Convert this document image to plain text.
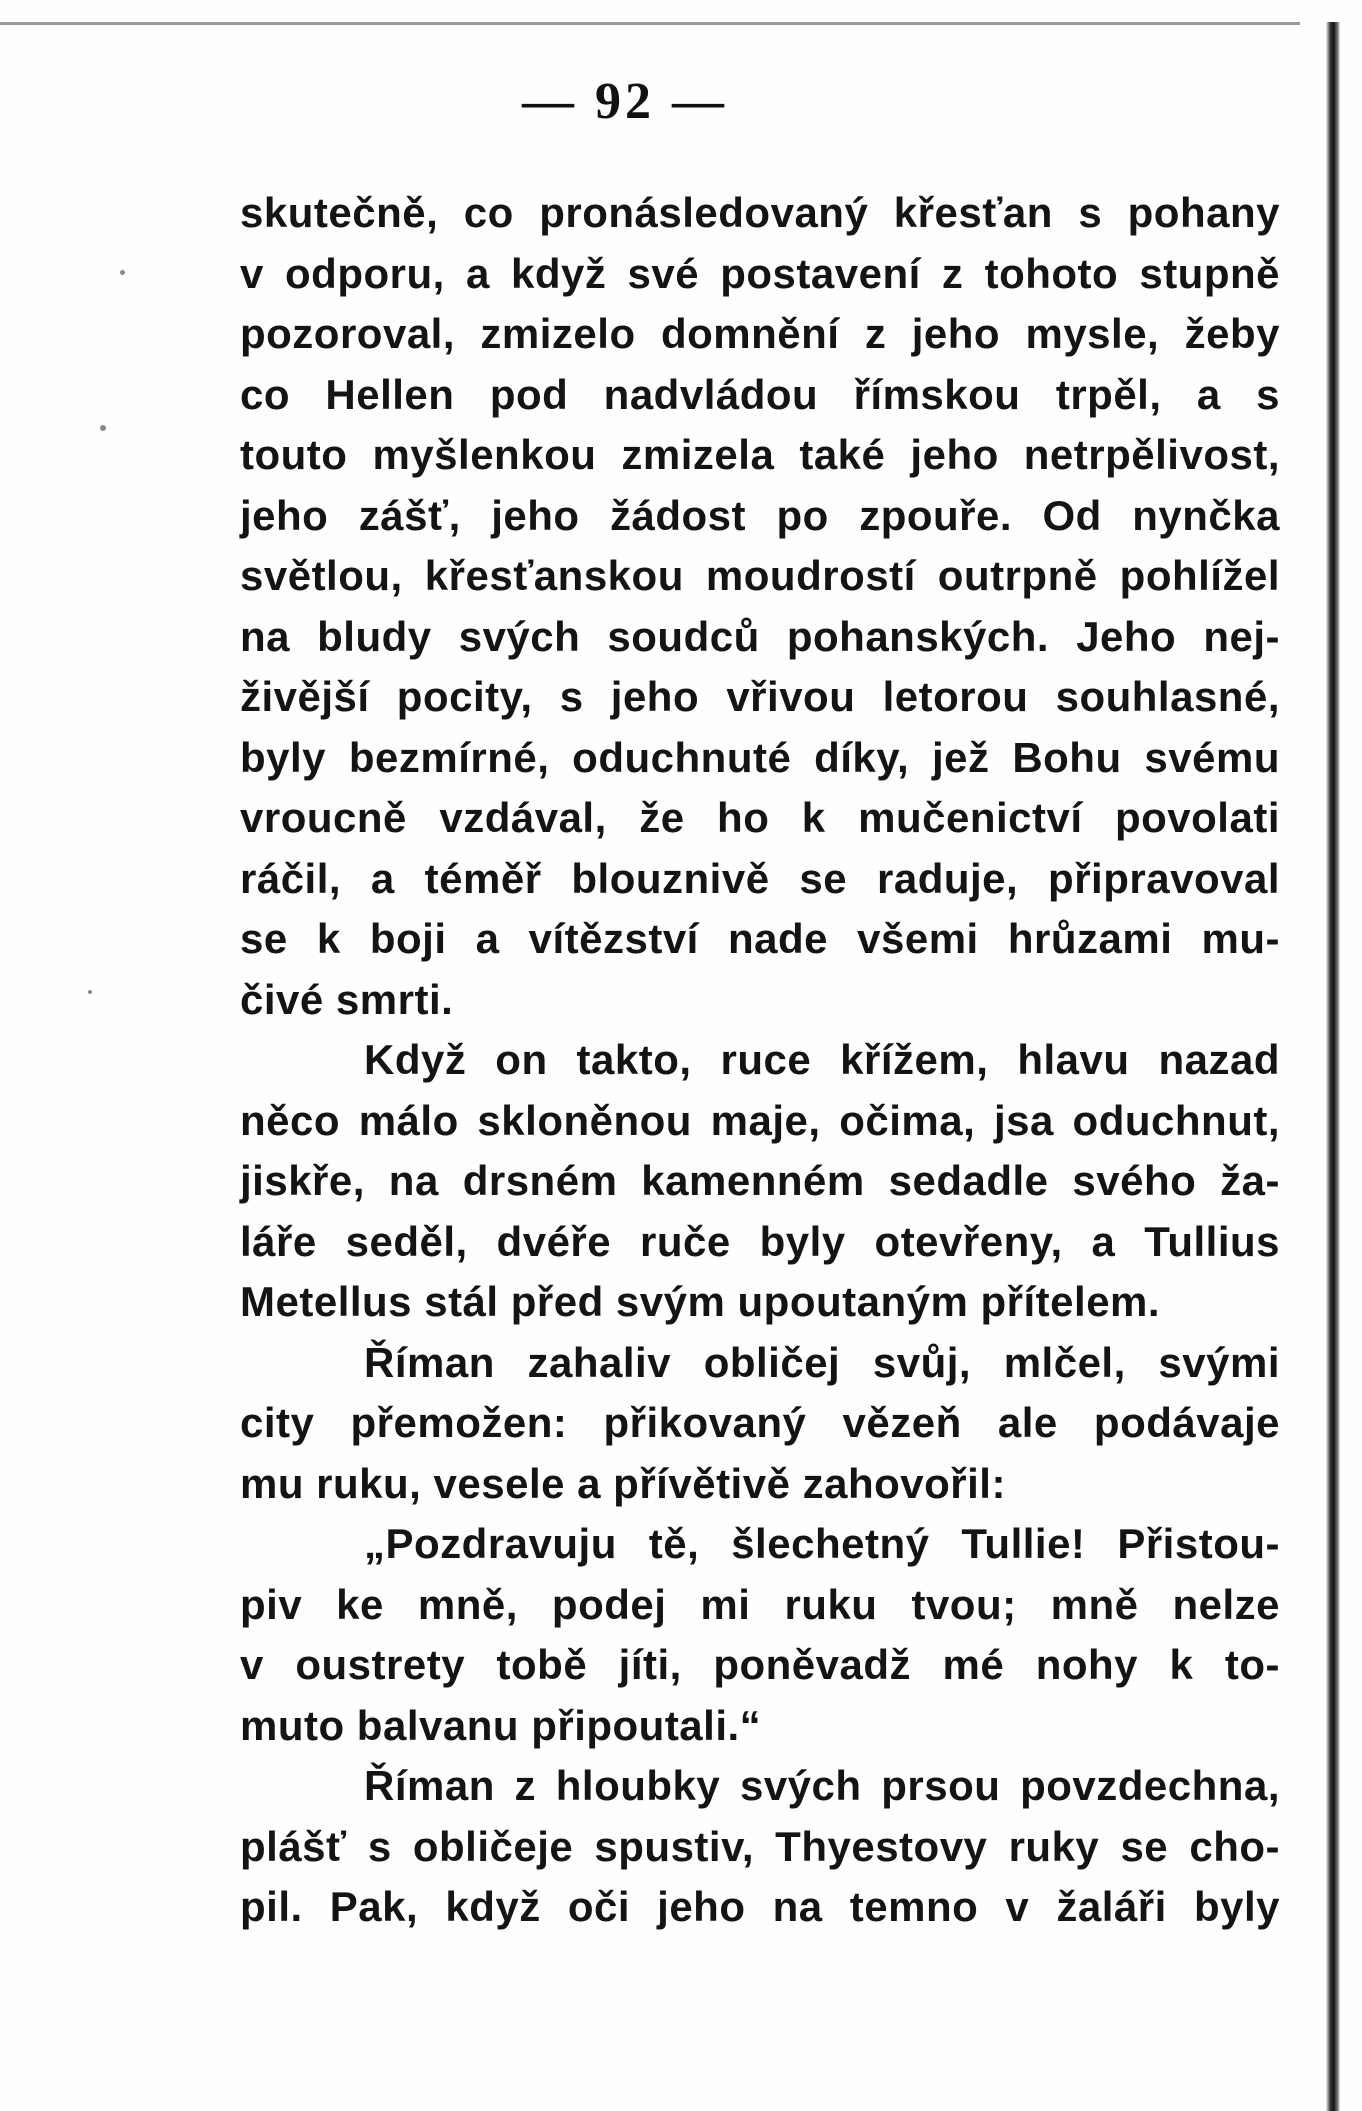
— 92 —
skutečně, co pronásledovaný křesťan s pohany
v odporu, a když své postavení z tohoto stupně
pozoroval, zmizelo domnění z jeho mysle, žeby
co Hellen pod nadvládou římskou trpěl, a s
touto myšlenkou zmizela také jeho netrpělivost,
jeho zášť, jeho žádost po zpouře. Od nynčka
světlou, křesťanskou moudrostí outrpně pohlížel
na bludy svých soudců pohanských. Jeho nej-
živější pocity, s jeho vřivou letorou souhlasné,
byly bezmírné, oduchnuté díky, jež Bohu svému
vroucně vzdával, že ho k mučenictví povolati
ráčil, a téměř blouznivě se raduje, připravoval
se k boji a vítězství nade všemi hrůzami mu-
čivé smrti.
Když on takto, ruce křížem, hlavu nazad
něco málo skloněnou maje, očima, jsa oduchnut,
jiskře, na drsném kamenném sedadle svého ža-
láře seděl, dvéře ruče byly otevřeny, a Tullius
Metellus stál před svým upoutaným přítelem.
Říman zahaliv obličej svůj, mlčel, svými
city přemožen: přikovaný vězeň ale podávaje
mu ruku, vesele a přívětivě zahovořil:
„Pozdravuju tě, šlechetný Tullie! Přistou-
piv ke mně, podej mi ruku tvou; mně nelze
v oustrety tobě jíti, poněvadž mé nohy k to-
muto balvanu připoutali.“
Říman z hloubky svých prsou povzdechna,
plášť s obličeje spustiv, Thyestovy ruky se cho-
pil. Pak, když oči jeho na temno v žaláři byly
